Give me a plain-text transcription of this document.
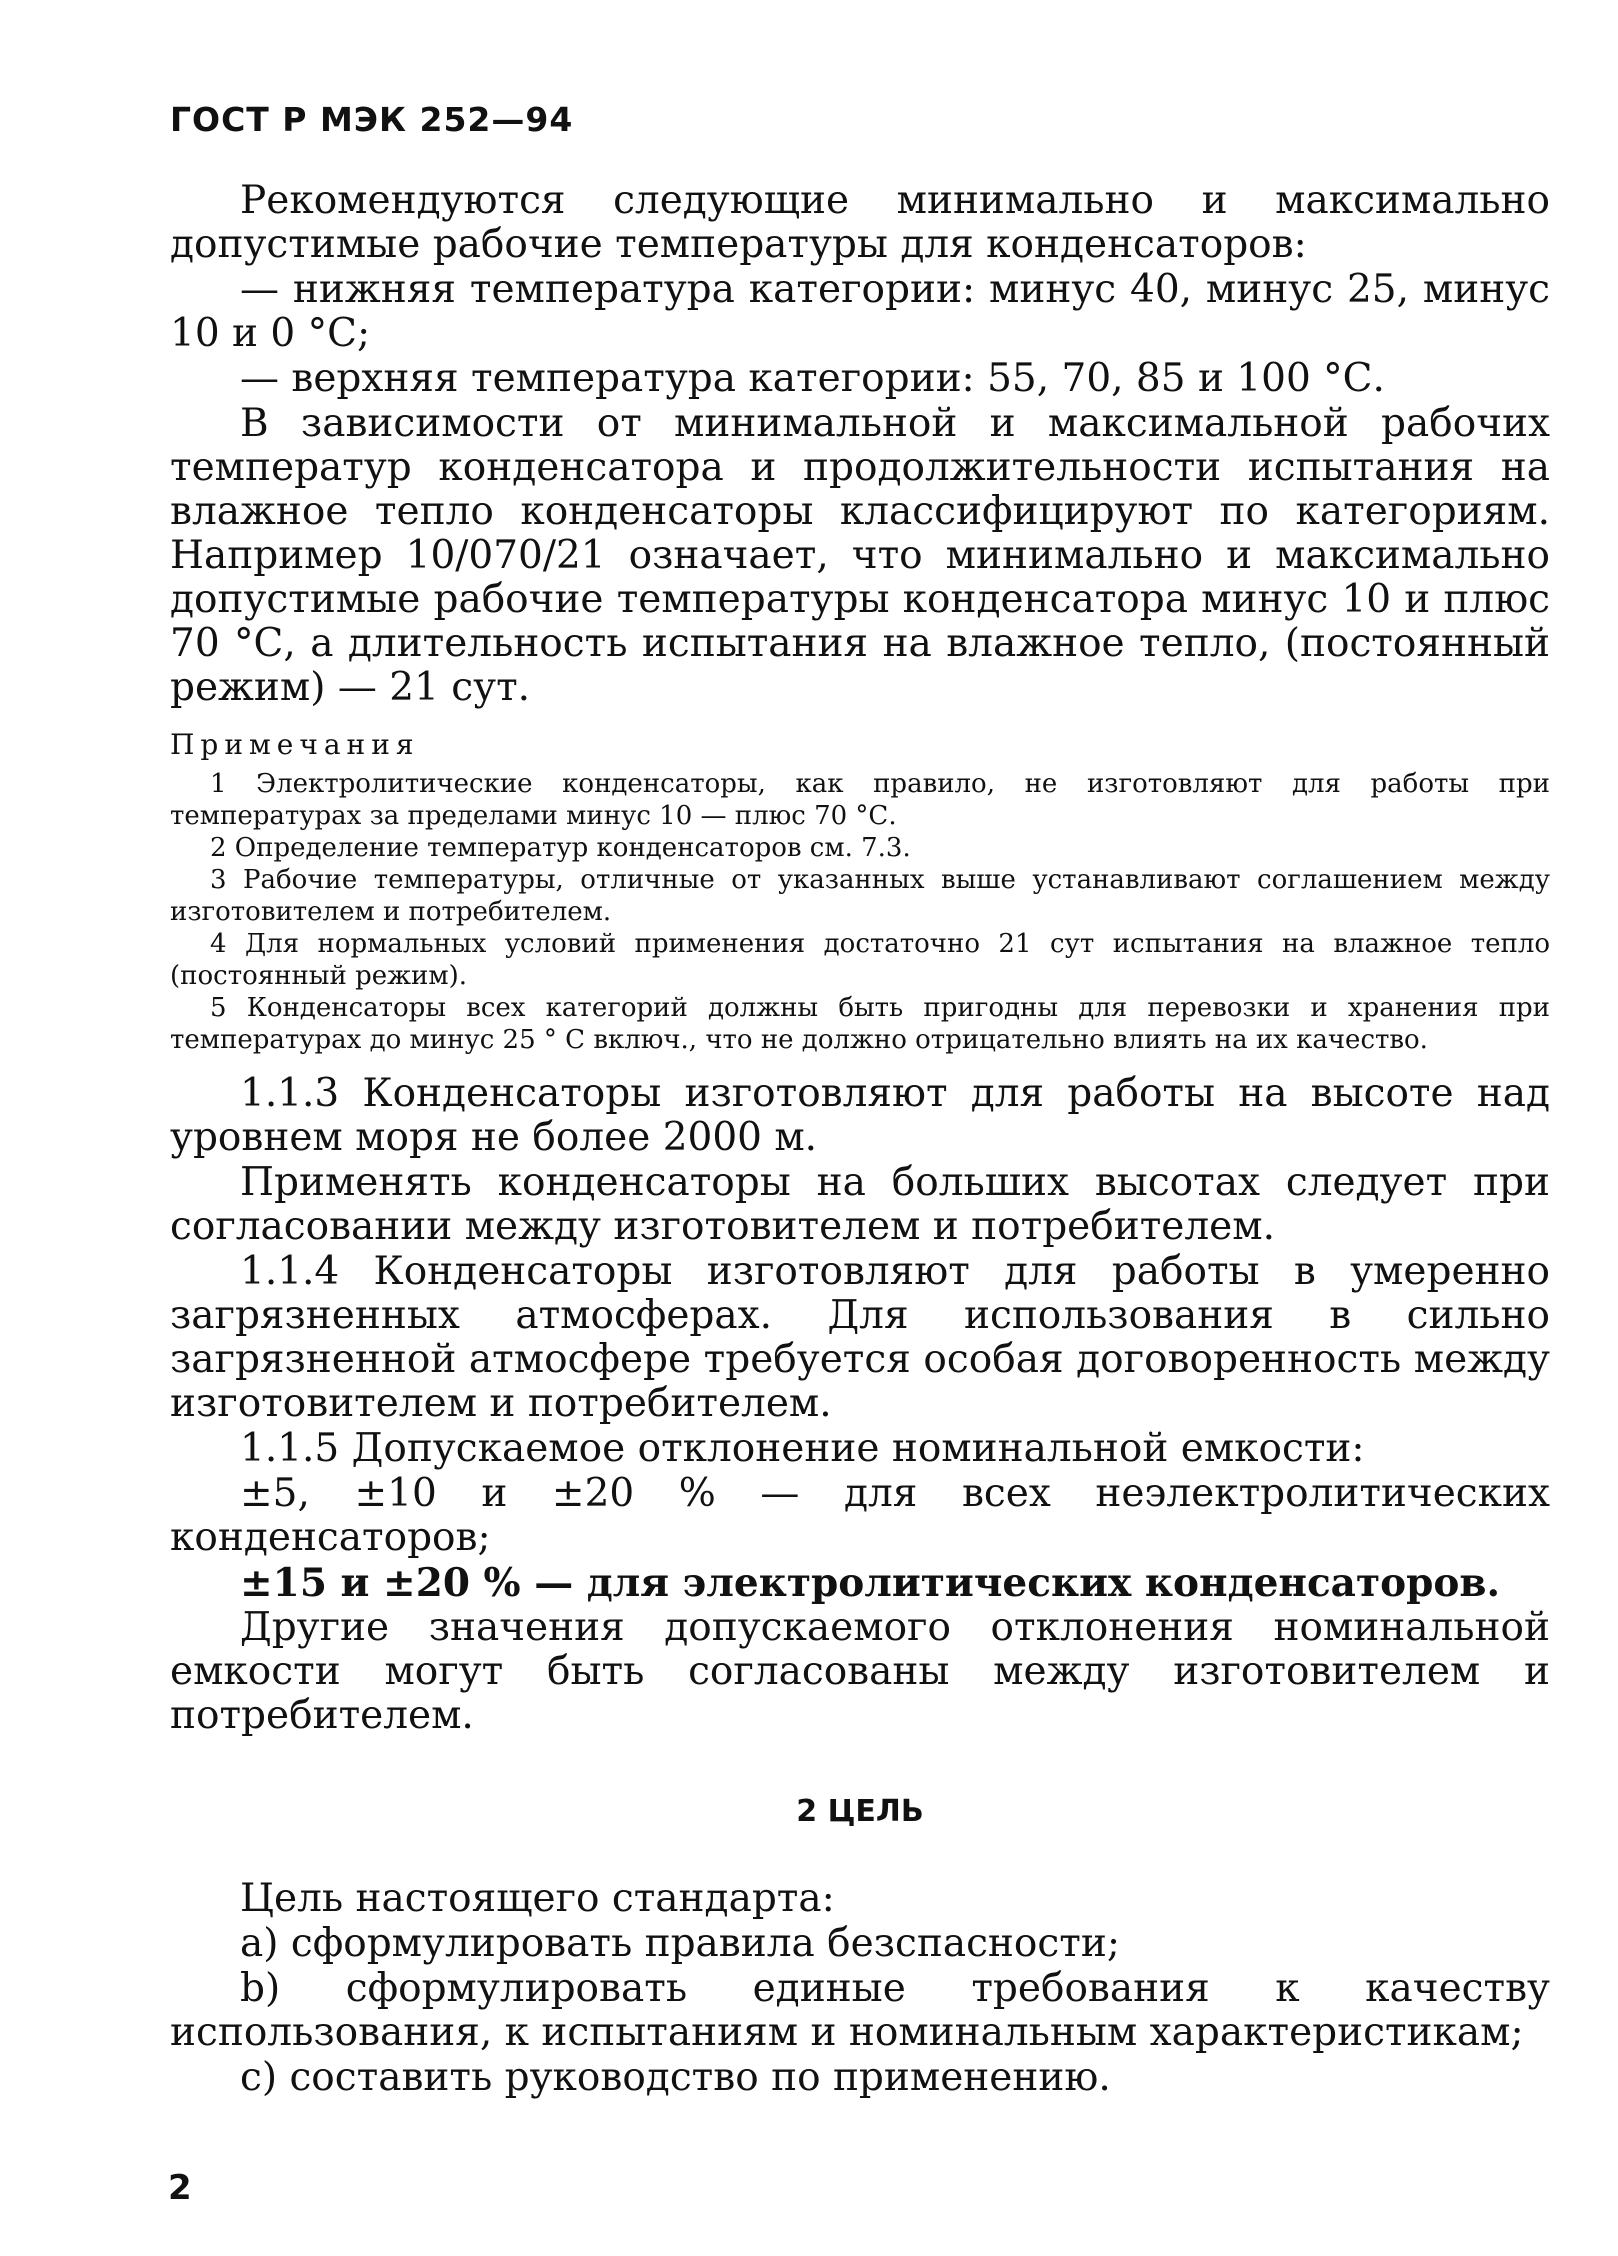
ГОСТ Р МЭК 252—94
Рекомендуются следующие минимально и максимально допустимые рабочие температуры для конденсаторов:
— нижняя температура категории: минус 40, минус 25, минус 10 и 0 °С;
— верхняя температура категории: 55, 70, 85 и 100 °С.
В зависимости от минимальной и максимальной рабочих температур конденсатора и продолжительности испытания на влажное тепло конденсаторы классифицируют по категориям. Например 10/070/21 означает, что минимально и максимально допустимые рабочие температуры конденсатора минус 10 и плюс 70 °С, а длительность испытания на влажное тепло, (постоянный режим) — 21 сут.
Примечания
1 Электролитические конденсаторы, как правило, не изготовляют для работы при температурах за пределами минус 10 — плюс 70 °С.
2 Определение температур конденсаторов см. 7.3.
3 Рабочие температуры, отличные от указанных выше устанавливают соглашением между изготовителем и потребителем.
4 Для нормальных условий применения достаточно 21 сут испытания на влажное тепло (постоянный режим).
5 Конденсаторы всех категорий должны быть пригодны для перевозки и хранения при температурах до минус 25 ° С включ., что не должно отрицательно влиять на их качество.
1.1.3 Конденсаторы изготовляют для работы на высоте над уровнем моря не более 2000 м.
Применять конденсаторы на больших высотах следует при согласовании между изготовителем и потребителем.
1.1.4 Конденсаторы изготовляют для работы в умеренно загрязненных атмосферах. Для использования в сильно загрязненной атмосфере требуется особая договоренность между изготовителем и потребителем.
1.1.5 Допускаемое отклонение номинальной емкости:
±5, ±10 и ±20 % — для всех неэлектролитических конденсаторов;
±15 и ±20 % — для электролитических конденсаторов.
Другие значения допускаемого отклонения номинальной емкости могут быть согласованы между изготовителем и потребителем.
2 ЦЕЛЬ
Цель настоящего стандарта:
a) сформулировать правила безспасности;
b) сформулировать единые требования к качеству использования, к испытаниям и номинальным характеристикам;
c) составить руководство по применению.
2
